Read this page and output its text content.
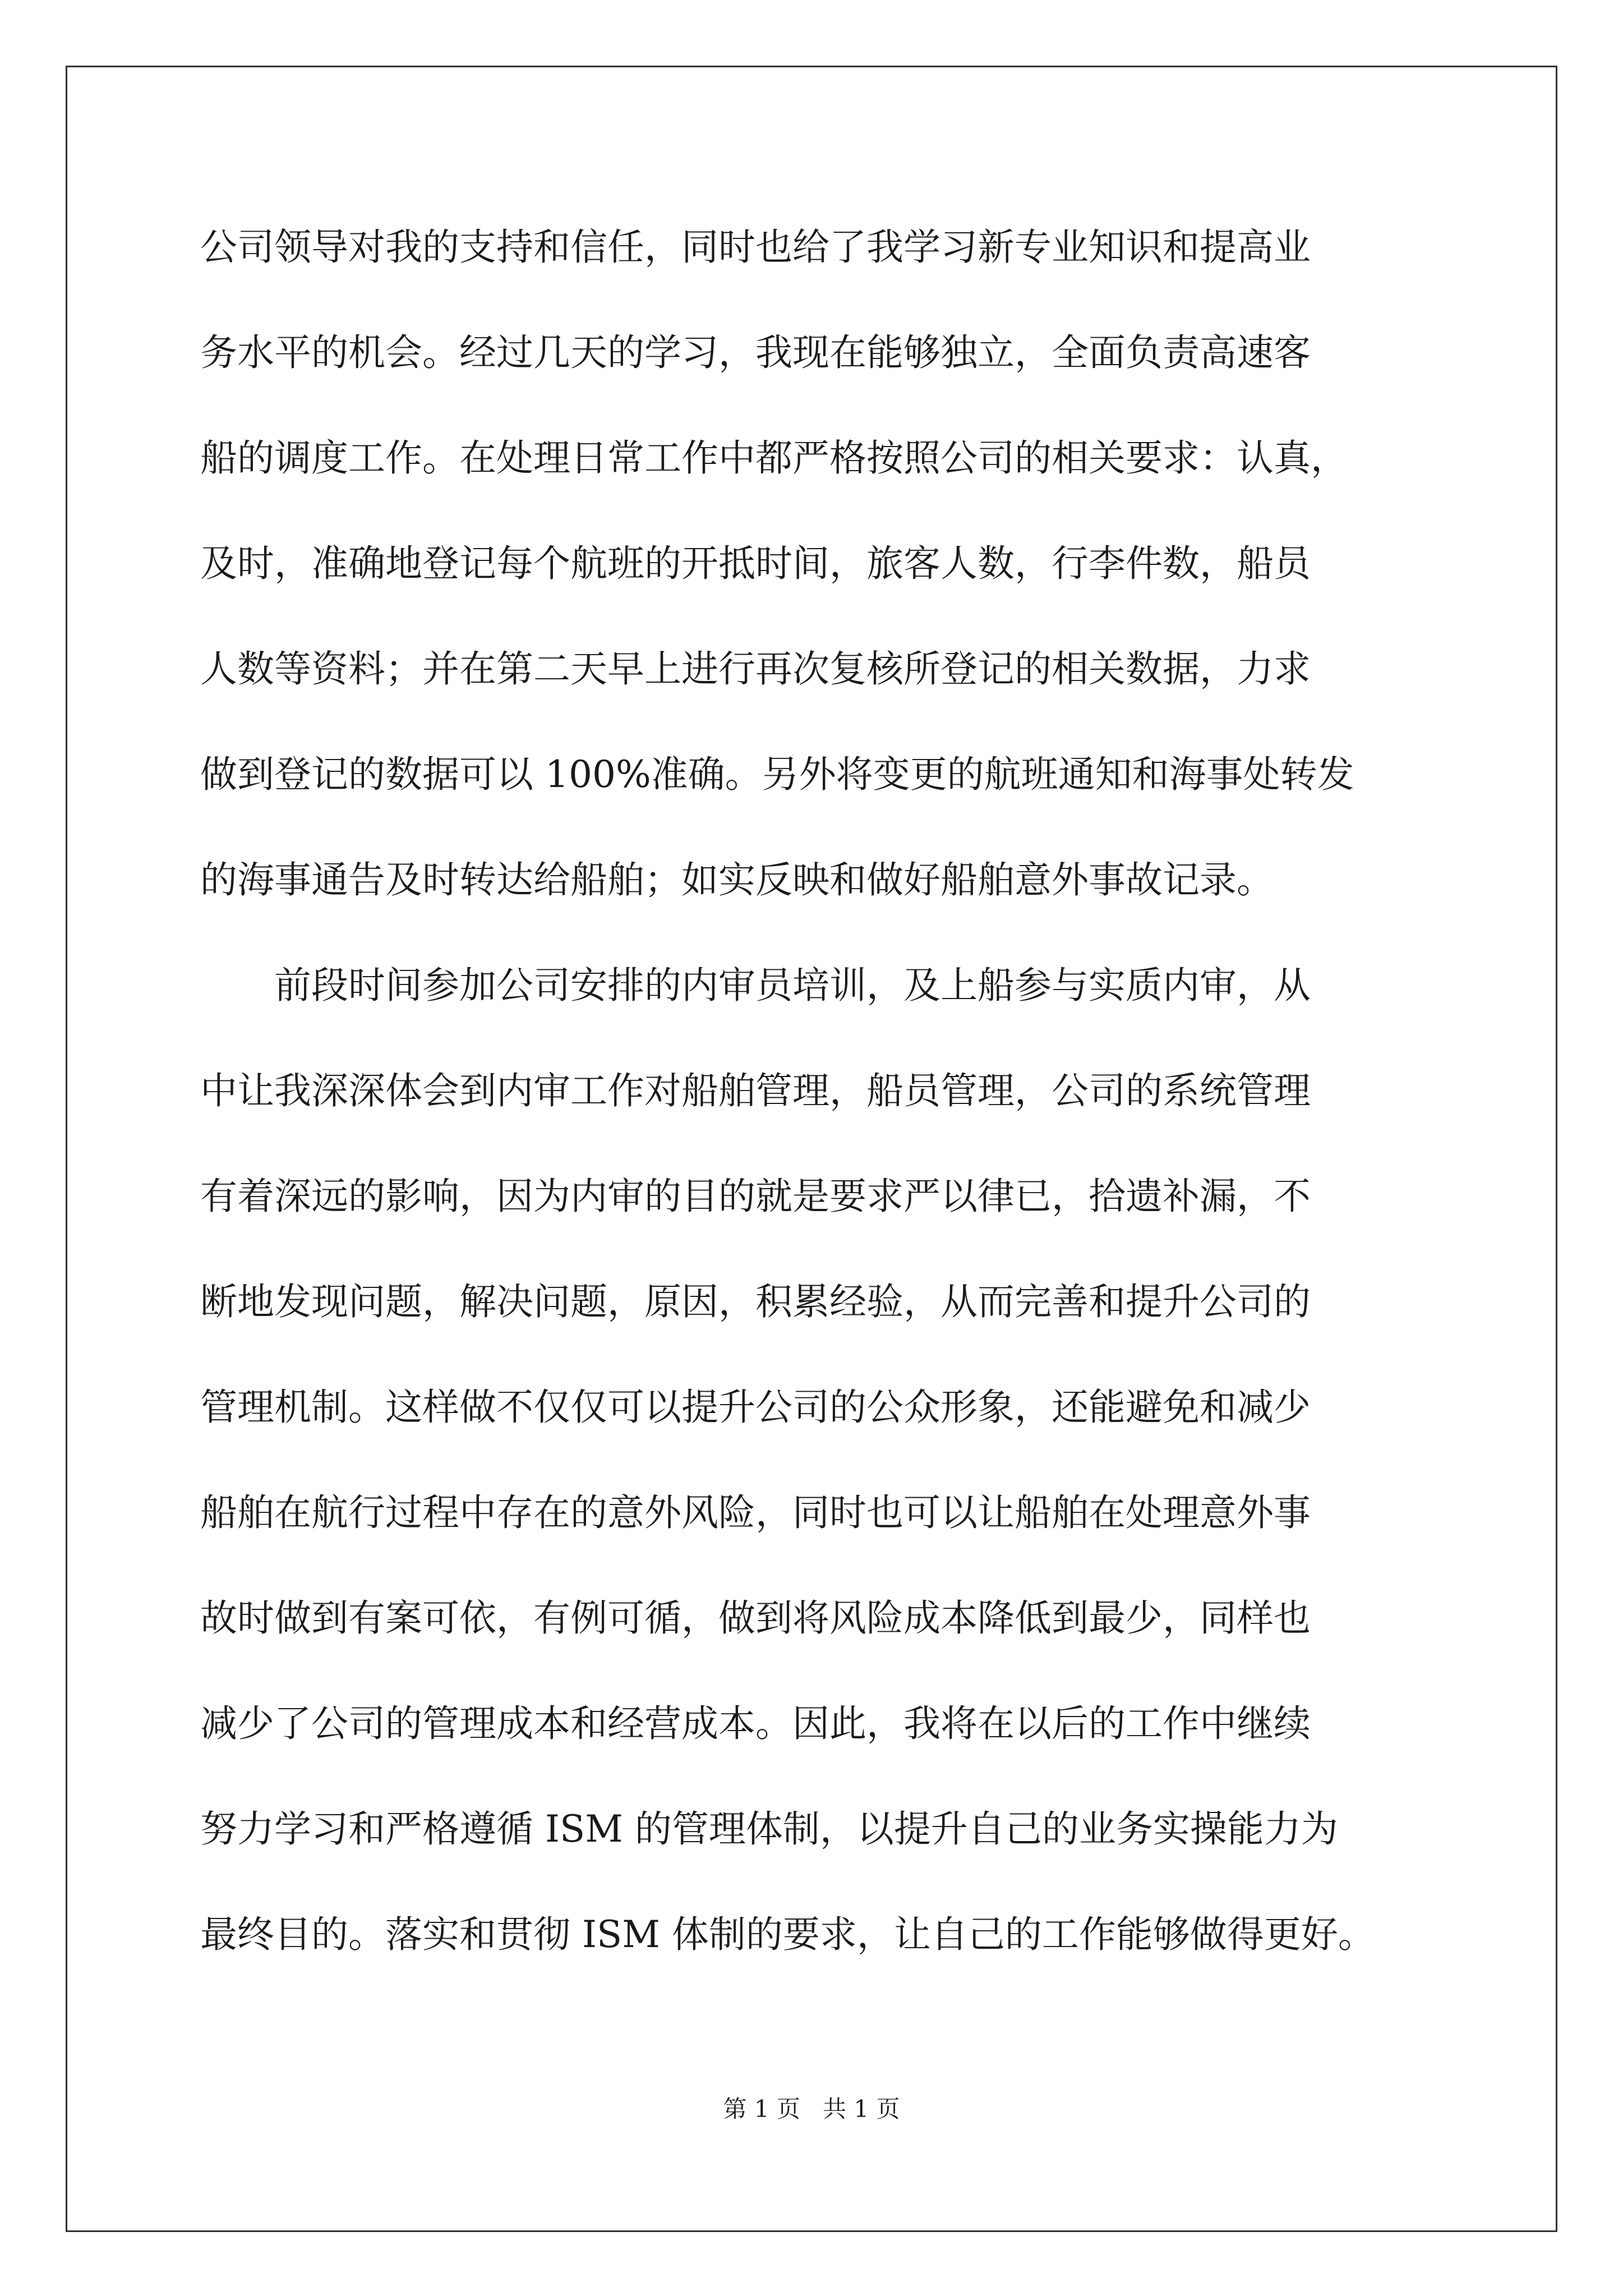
公司领导对我的支持和信任，同时也给了我学习新专业知识和提高业
务水平的机会。经过几天的学习，我现在能够独立，全面负责高速客
船的调度工作。在处理日常工作中都严格按照公司的相关要求：认真，
及时，准确地登记每个航班的开抵时间，旅客人数，行李件数，船员
人数等资料；并在第二天早上进行再次复核所登记的相关数据，力求
做到登记的数据可以 100%准确。另外将变更的航班通知和海事处转发
的海事通告及时转达给船舶；如实反映和做好船舶意外事故记录。
　　前段时间参加公司安排的内审员培训，及上船参与实质内审，从
中让我深深体会到内审工作对船舶管理，船员管理，公司的系统管理
有着深远的影响，因为内审的目的就是要求严以律已，拾遗补漏，不
断地发现问题，解决问题，原因，积累经验，从而完善和提升公司的
管理机制。这样做不仅仅可以提升公司的公众形象，还能避免和减少
船舶在航行过程中存在的意外风险，同时也可以让船舶在处理意外事
故时做到有案可依，有例可循，做到将风险成本降低到最少，同样也
减少了公司的管理成本和经营成本。因此，我将在以后的工作中继续
努力学习和严格遵循 ISM 的管理体制，以提升自己的业务实操能力为
最终目的。落实和贯彻 ISM 体制的要求，让自己的工作能够做得更好。
第 1 页   共 1 页
